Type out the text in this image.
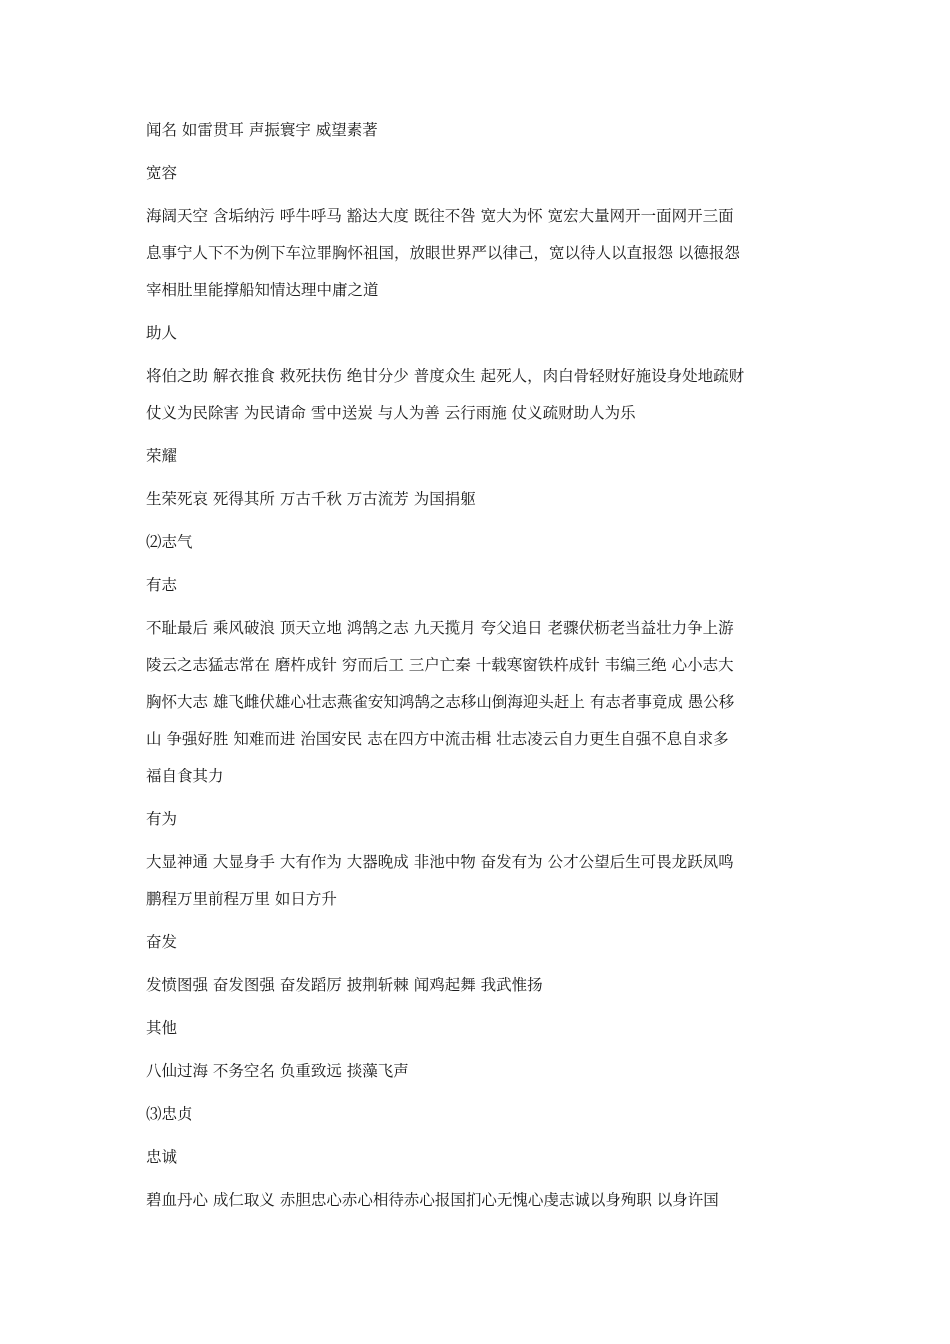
闻名 如雷贯耳 声振寰宇 威望素著
宽容
海阔天空 含垢纳污 呼牛呼马 豁达大度 既往不咎 宽大为怀 宽宏大量网开一面网开三面
息事宁人下不为例下车泣罪胸怀祖国，放眼世界严以律己，宽以待人以直报怨 以德报怨
宰相肚里能撑船知情达理中庸之道
助人
将伯之助 解衣推食 救死扶伤 绝甘分少 普度众生 起死人，肉白骨轻财好施设身处地疏财
仗义为民除害 为民请命 雪中送炭 与人为善 云行雨施 仗义疏财助人为乐
荣耀
生荣死哀 死得其所 万古千秋 万古流芳 为国捐躯
⑵志气
有志
不耻最后 乘风破浪 顶天立地 鸿鹄之志 九天揽月 夸父追日 老骤伏枥老当益壮力争上游
陵云之志猛志常在 磨杵成针 穷而后工 三户亡秦 十载寒窗铁杵成针 韦编三绝 心小志大
胸怀大志 雄飞雌伏雄心壮志燕雀安知鸿鹄之志移山倒海迎头赶上 有志者事竟成 愚公移
山 争强好胜 知难而进 治国安民 志在四方中流击楫 壮志凌云自力更生自强不息自求多
福自食其力
有为
大显神通 大显身手 大有作为 大器晚成 非池中物 奋发有为 公才公望后生可畏龙跃凤鸣
鹏程万里前程万里 如日方升
奋发
发愤图强 奋发图强 奋发蹈厉 披荆斩棘 闻鸡起舞 我武惟扬
其他
八仙过海 不务空名 负重致远 掞藻飞声
⑶忠贞
忠诚
碧血丹心 成仁取义 赤胆忠心赤心相待赤心报国扪心无愧心虔志诚以身殉职 以身许国
